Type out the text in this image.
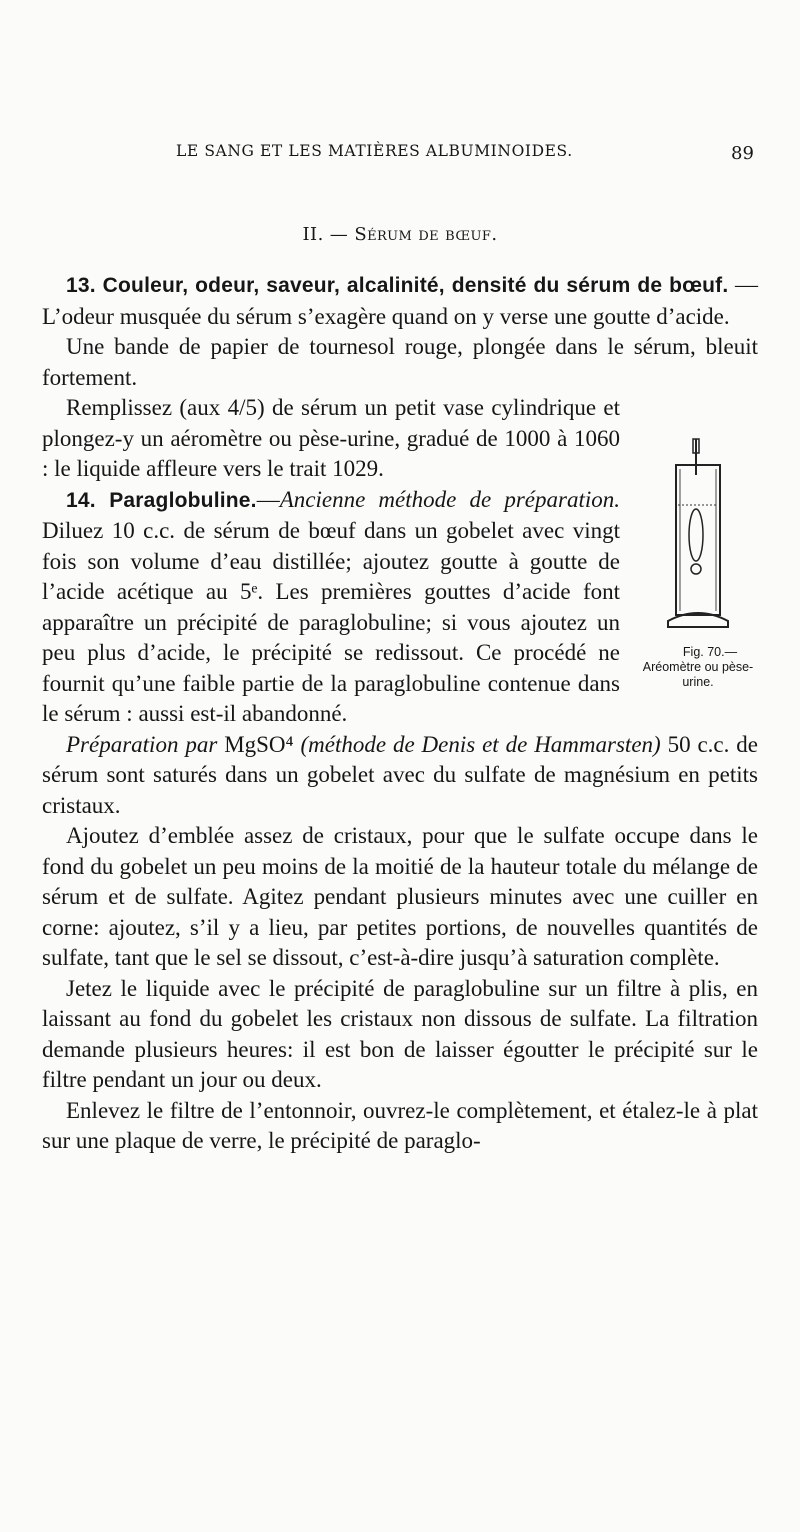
LE SANG ET LES MATIÈRES ALBUMINOIDES.	89
II. — Sérum de bœuf.

13. Couleur, odeur, saveur, alcalinité, densité du sérum de bœuf. — L’odeur musquée du sérum s’exagère quand on y verse une goutte d’acide.

Une bande de papier de tournesol rouge, plongée dans le sérum, bleuit fortement.

Fig. 70.—Aréomètre ou pèse-urine.
Remplissez (aux 4/5) de sérum un petit vase cylindrique et plongez-y un aéromètre ou pèse-urine, gradué de 1000 à 1060 : le liquide affleure vers le trait 1029.

14. Paraglobuline.—Ancienne méthode de préparation. Diluez 10 c.c. de sérum de bœuf dans un gobelet avec vingt fois son volume d’eau distillée; ajoutez goutte à goutte de l’acide acétique au 5ᵉ. Les premières gouttes d’acide font apparaître un précipité de paraglobuline; si vous ajoutez un peu plus d’acide, le précipité se redissout. Ce procédé ne fournit qu’une faible partie de la paraglobuline contenue dans le sérum : aussi est-il abandonné.

Préparation par MgSO⁴ (méthode de Denis et de Hammarsten) 50 c.c. de sérum sont saturés dans un gobelet avec du sulfate de magnésium en petits cristaux.

Ajoutez d’emblée assez de cristaux, pour que le sulfate occupe dans le fond du gobelet un peu moins de la moitié de la hauteur totale du mélange de sérum et de sulfate. Agitez pendant plusieurs minutes avec une cuiller en corne: ajoutez, s’il y a lieu, par petites portions, de nouvelles quantités de sulfate, tant que le sel se dissout, c’est-à-dire jusqu’à saturation complète.

Jetez le liquide avec le précipité de paraglobuline sur un filtre à plis, en laissant au fond du gobelet les cristaux non dissous de sulfate. La filtration demande plusieurs heures: il est bon de laisser égoutter le précipité sur le filtre pendant un jour ou deux.

Enlevez le filtre de l’entonnoir, ouvrez-le complètement, et étalez-le à plat sur une plaque de verre, le précipité de paraglo-
